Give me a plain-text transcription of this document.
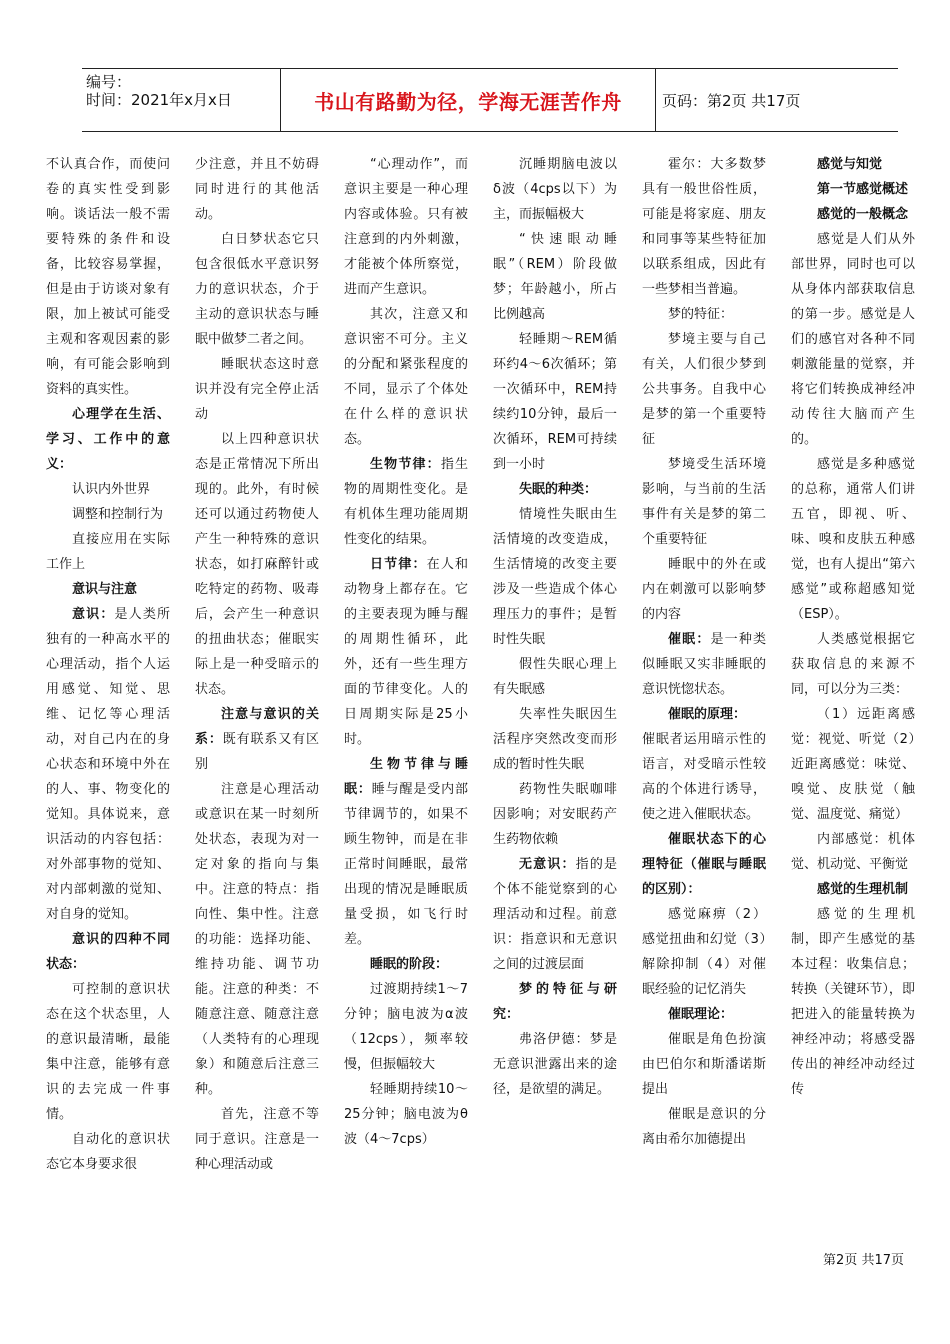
编号：
时间：2021年x月x日	书山有路勤为径，学海无涯苦作舟	页码：第2页 共17页

不认真合作，而使问卷的真实性受到影响。谈话法一般不需要特殊的条件和设备，比较容易掌握，但是由于访谈对象有限，加上被试可能受主观和客观因素的影响，有可能会影响到资料的真实性。

心理学在生活、学习、工作中的意义：

认识内外世界

调整和控制行为

直接应用在实际工作上

意识与注意

意识：是人类所独有的一种高水平的心理活动，指个人运用感觉、知觉、思维、记忆等心理活动，对自己内在的身心状态和环境中外在的人、事、物变化的觉知。具体说来，意识活动的内容包括：对外部事物的觉知、对内部刺激的觉知、对自身的觉知。

意识的四种不同状态：

可控制的意识状态在这个状态里，人的意识最清晰，最能集中注意，能够有意识的去完成一件事情。

自动化的意识状态它本身要求很

少注意，并且不妨碍同时进行的其他活动。

白日梦状态它只包含很低水平意识努力的意识状态，介于主动的意识状态与睡眠中做梦二者之间。

睡眠状态这时意识并没有完全停止活动

以上四种意识状态是正常情况下所出现的。此外，有时候还可以通过药物使人产生一种特殊的意识状态，如打麻醉针或吃特定的药物、吸毒后，会产生一种意识的扭曲状态；催眠实际上是一种受暗示的状态。

注意与意识的关系：既有联系又有区别

注意是心理活动或意识在某一时刻所处状态，表现为对一定对象的指向与集中。注意的特点：指向性、集中性。注意的功能：选择功能、维持功能、调节功能。注意的种类：不随意注意、随意注意（人类特有的心理现象）和随意后注意三种。

首先，注意不等同于意识。注意是一种心理活动或

“心理动作”，而意识主要是一种心理内容或体验。只有被注意到的内外刺激，才能被个体所察觉，进而产生意识。

其次，注意又和意识密不可分。主义的分配和紧张程度的不同，显示了个体处在什么样的意识状态。

生物节律：指生物的周期性变化。是有机体生理功能周期性变化的结果。

日节律：在人和动物身上都存在。它的主要表现为睡与醒的周期性循环，此外，还有一些生理方面的节律变化。人的日周期实际是25小时。

生物节律与睡眠：睡与醒是受内部节律调节的，如果不顾生物钟，而是在非正常时间睡眠，最常出现的情况是睡眠质量受损，如飞行时差。

睡眠的阶段：

过渡期持续1～7分钟；脑电波为α波（12cps），频率较慢，但振幅较大

轻睡期持续10～25分钟；脑电波为θ波（4～7cps）

沉睡期脑电波以δ波（4cps以下）为主，而振幅极大

“快速眼动睡眠”（REM）阶段做梦；年龄越小，所占比例越高

轻睡期～REM循环约4～6次循环；第一次循环中，REM持续约10分钟，最后一次循环，REM可持续到一小时

失眠的种类：

情境性失眠由生活情境的改变造成，生活情境的改变主要涉及一些造成个体心理压力的事件；是暂时性失眠

假性失眠心理上有失眠感

失率性失眠因生活程序突然改变而形成的暂时性失眠

药物性失眠咖啡因影响；对安眠药产生药物依赖

无意识：指的是个体不能觉察到的心理活动和过程。前意识：指意识和无意识之间的过渡层面

梦的特征与研究：

弗洛伊德：梦是无意识泄露出来的途径，是欲望的满足。

霍尔：大多数梦具有一般世俗性质，可能是将家庭、朋友和同事等某些特征加以联系组成，因此有一些梦相当普遍。

梦的特征：

梦境主要与自己有关，人们很少梦到公共事务。自我中心是梦的第一个重要特征

梦境受生活环境影响，与当前的生活事件有关是梦的第二个重要特征

睡眠中的外在或内在刺激可以影响梦的内容

催眠：是一种类似睡眠又实非睡眠的意识恍惚状态。

催眠的原理：
催眠者运用暗示性的语言，对受暗示性较高的个体进行诱导，使之进入催眠状态。

催眠状态下的心理特征（催眠与睡眠的区别）：

感觉麻痹（2）感觉扭曲和幻觉（3）解除抑制（4）对催眠经验的记忆消失

催眠理论：

催眠是角色扮演由巴伯尔和斯潘诺斯提出

催眠是意识的分离由希尔加德提出

感觉与知觉

第一节感觉概述

感觉的一般概念

感觉是人们从外部世界，同时也可以从身体内部获取信息的第一步。感觉是人们的感官对各种不同刺激能量的觉察，并将它们转换成神经冲动传往大脑而产生的。

感觉是多种感觉的总称，通常人们讲五官，即视、听、味、嗅和皮肤五种感觉，也有人提出“第六感觉”或称超感知觉（ESP）。

人类感觉根据它获取信息的来源不同，可以分为三类：

（1）远距离感觉：视觉、听觉（2）近距离感觉：味觉、嗅觉、皮肤觉（触觉、温度觉、痛觉）

内部感觉：机体觉、机动觉、平衡觉

感觉的生理机制

感觉的生理机制，即产生感觉的基本过程：收集信息；转换（关键环节），即把进入的能量转换为神经冲动；将感受器传出的神经冲动经过传

第2页 共17页
